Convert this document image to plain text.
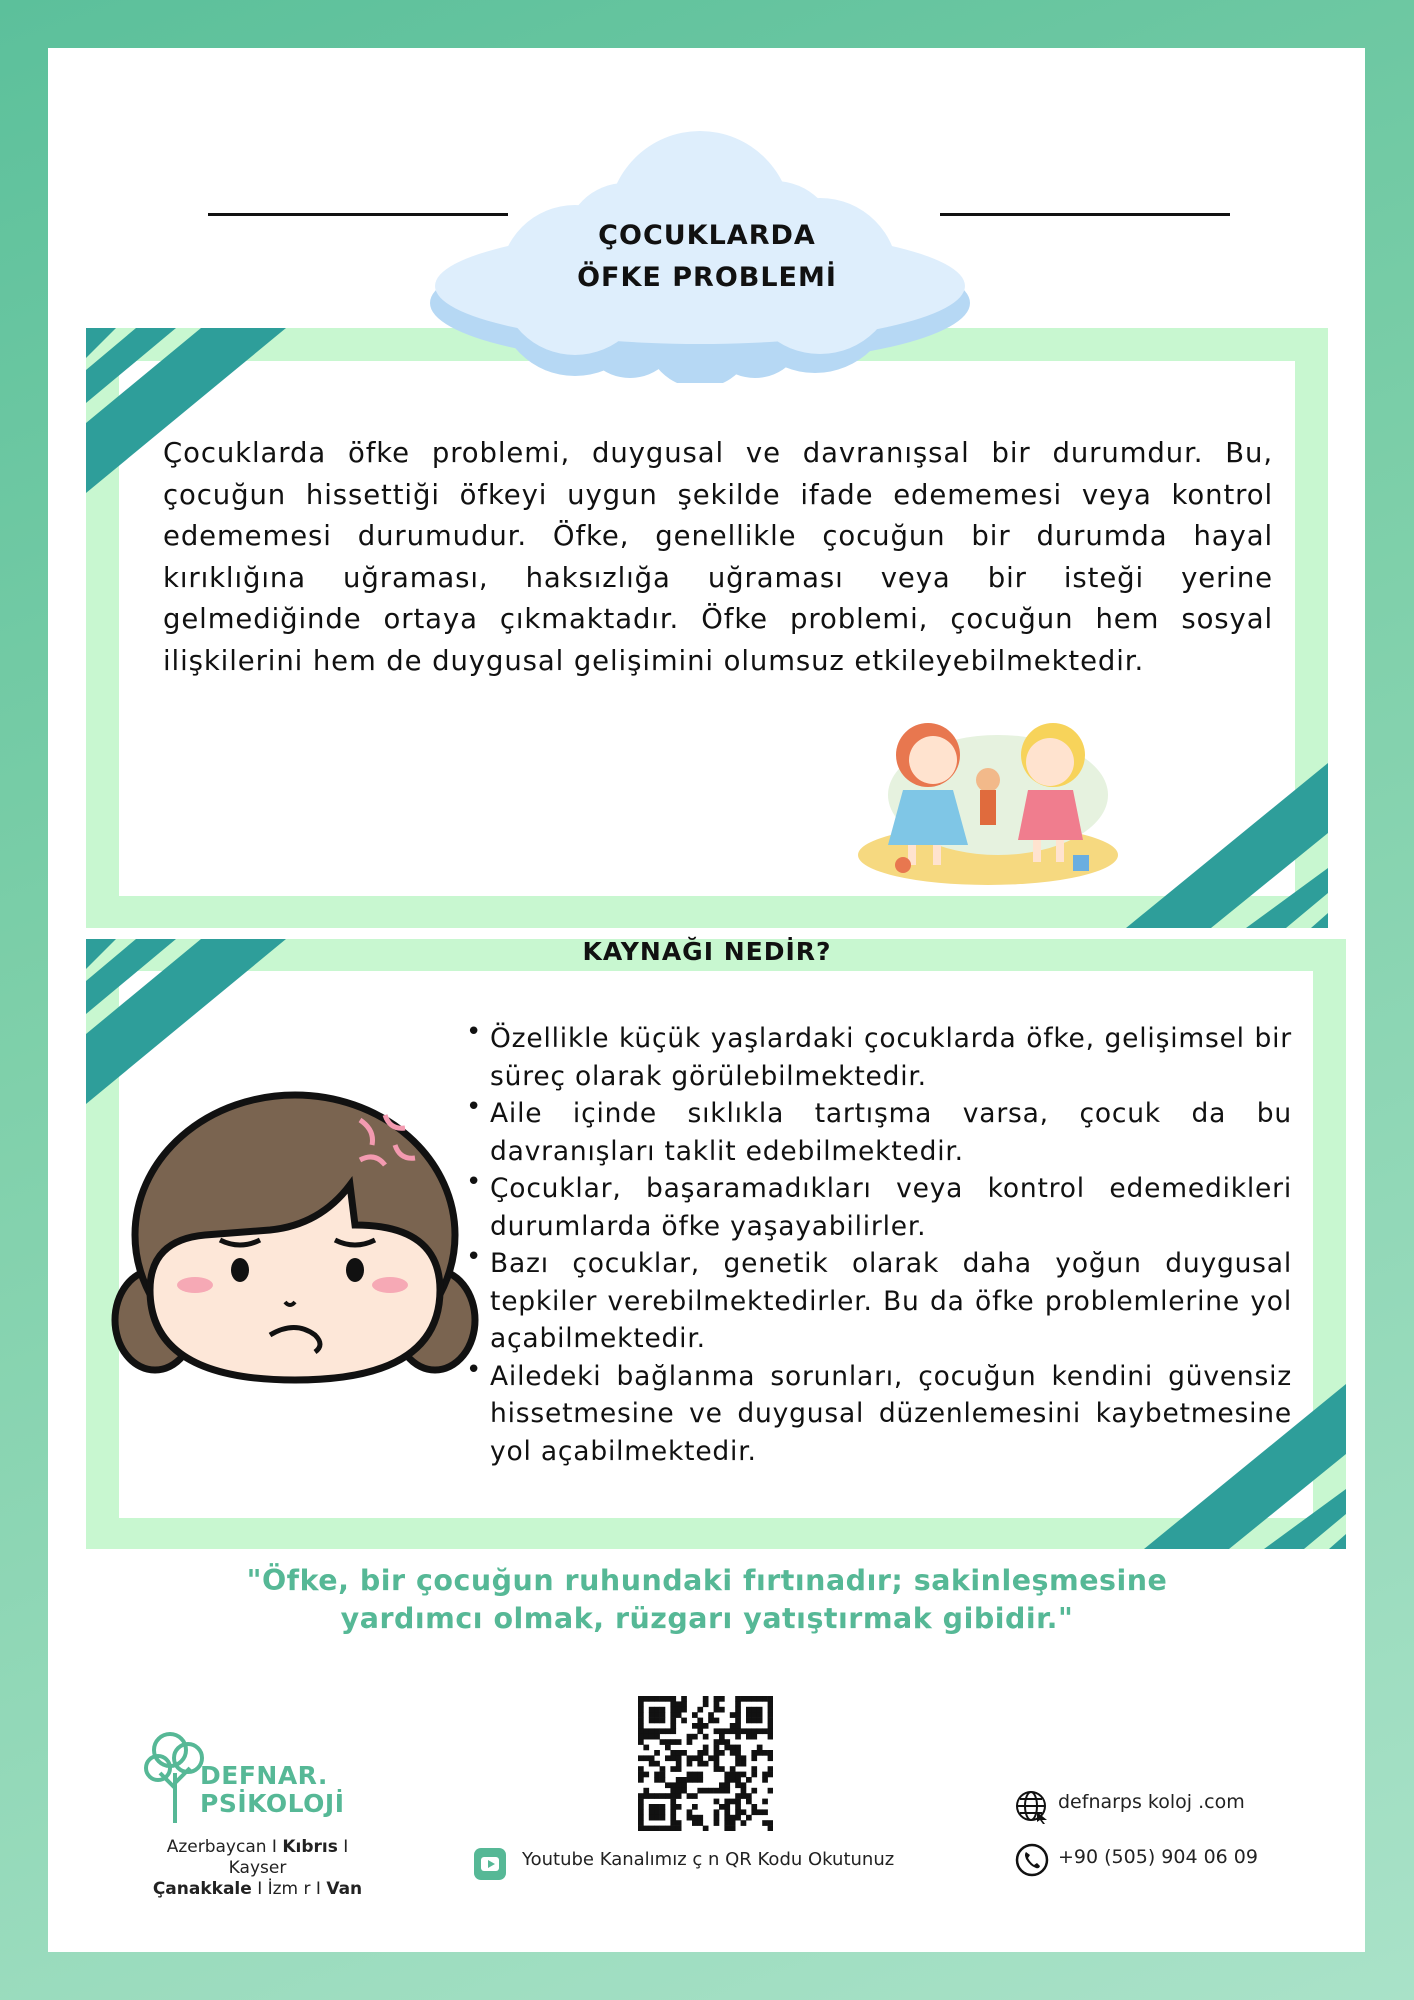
ÇOCUKLARDA
ÖFKE PROBLEMİ
Çocuklarda öfke problemi, duygusal ve davranışsal bir durumdur. Bu, çocuğun hissettiği öfkeyi uygun şekilde ifade edememesi veya kontrol edememesi durumudur. Öfke, genellikle çocuğun bir durumda hayal kırıklığına uğraması, haksızlığa uğraması veya bir isteği yerine gelmediğinde ortaya çıkmaktadır. Öfke problemi, çocuğun hem sosyal ilişkilerini hem de duygusal gelişimini olumsuz etkileyebilmektedir.
KAYNAĞI NEDİR?
• Özellikle küçük yaşlardaki çocuklarda öfke, gelişimsel bir süreç olarak görülebilmektedir.
• Aile içinde sıklıkla tartışma varsa, çocuk da bu davranışları taklit edebilmektedir.
• Çocuklar, başaramadıkları veya kontrol edemedikleri durumlarda öfke yaşayabilirler.
• Bazı çocuklar, genetik olarak daha yoğun duygusal tepkiler verebilmektedirler. Bu da öfke problemlerine yol açabilmektedir.
• Ailedeki bağlanma sorunları, çocuğun kendini güvensiz hissetmesine ve duygusal düzenlemesini kaybetmesine yol açabilmektedir.
"Öfke, bir çocuğun ruhundaki fırtınadır; sakinleşmesine
yardımcı olmak, rüzgarı yatıştırmak gibidir."
DEFNAR.
PSİKOLOJİ
Azerbaycan I Kıbrıs I Kayser
Çanakkale I İzm r I Van
Youtube Kanalımız ç n QR Kodu Okutunuz
defnarps koloj .com
+90 (505) 904 06 09
